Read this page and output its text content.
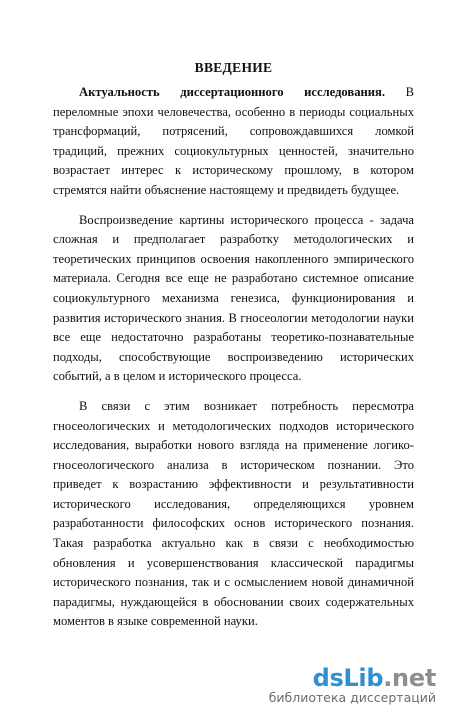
ВВЕДЕНИЕ

Актуальность диссертационного исследования. В переломные эпохи человечества, особенно в периоды социальных трансформаций, потрясений, сопровождавшихся ломкой традиций, прежних социокультурных ценностей, значительно возрастает интерес к историческому прошлому, в котором стремятся найти объяснение настоящему и предвидеть будущее.

Воспроизведение картины исторического процесса - задача сложная и предполагает разработку методологических и теоретических принципов освоения накопленного эмпирического материала. Сегодня все еще не разработано системное описание социокультурного механизма генезиса, функционирования и развития исторического знания. В гносеологии методологии науки все еще недостаточно разработаны теоретико-познавательные подходы, способствующие воспроизведению исторических событий, а в целом и исторического процесса.

В связи с этим возникает потребность пересмотра гносеологических и методологических подходов исторического исследования, выработки нового взгляда на применение логико-гносеологического анализа в историческом познании. Это приведет к возрастанию эффективности и результативности исторического исследования, определяющихся уровнем разработанности философских основ исторического познания. Такая разработка актуально как в связи с необходимостью обновления и усовершенствования классической парадигмы исторического познания, так и с осмыслением новой динамичной парадигмы, нуждающейся в обосновании своих содержательных моментов в языке современной науки.

dsLib.net
библиотека диссертаций
